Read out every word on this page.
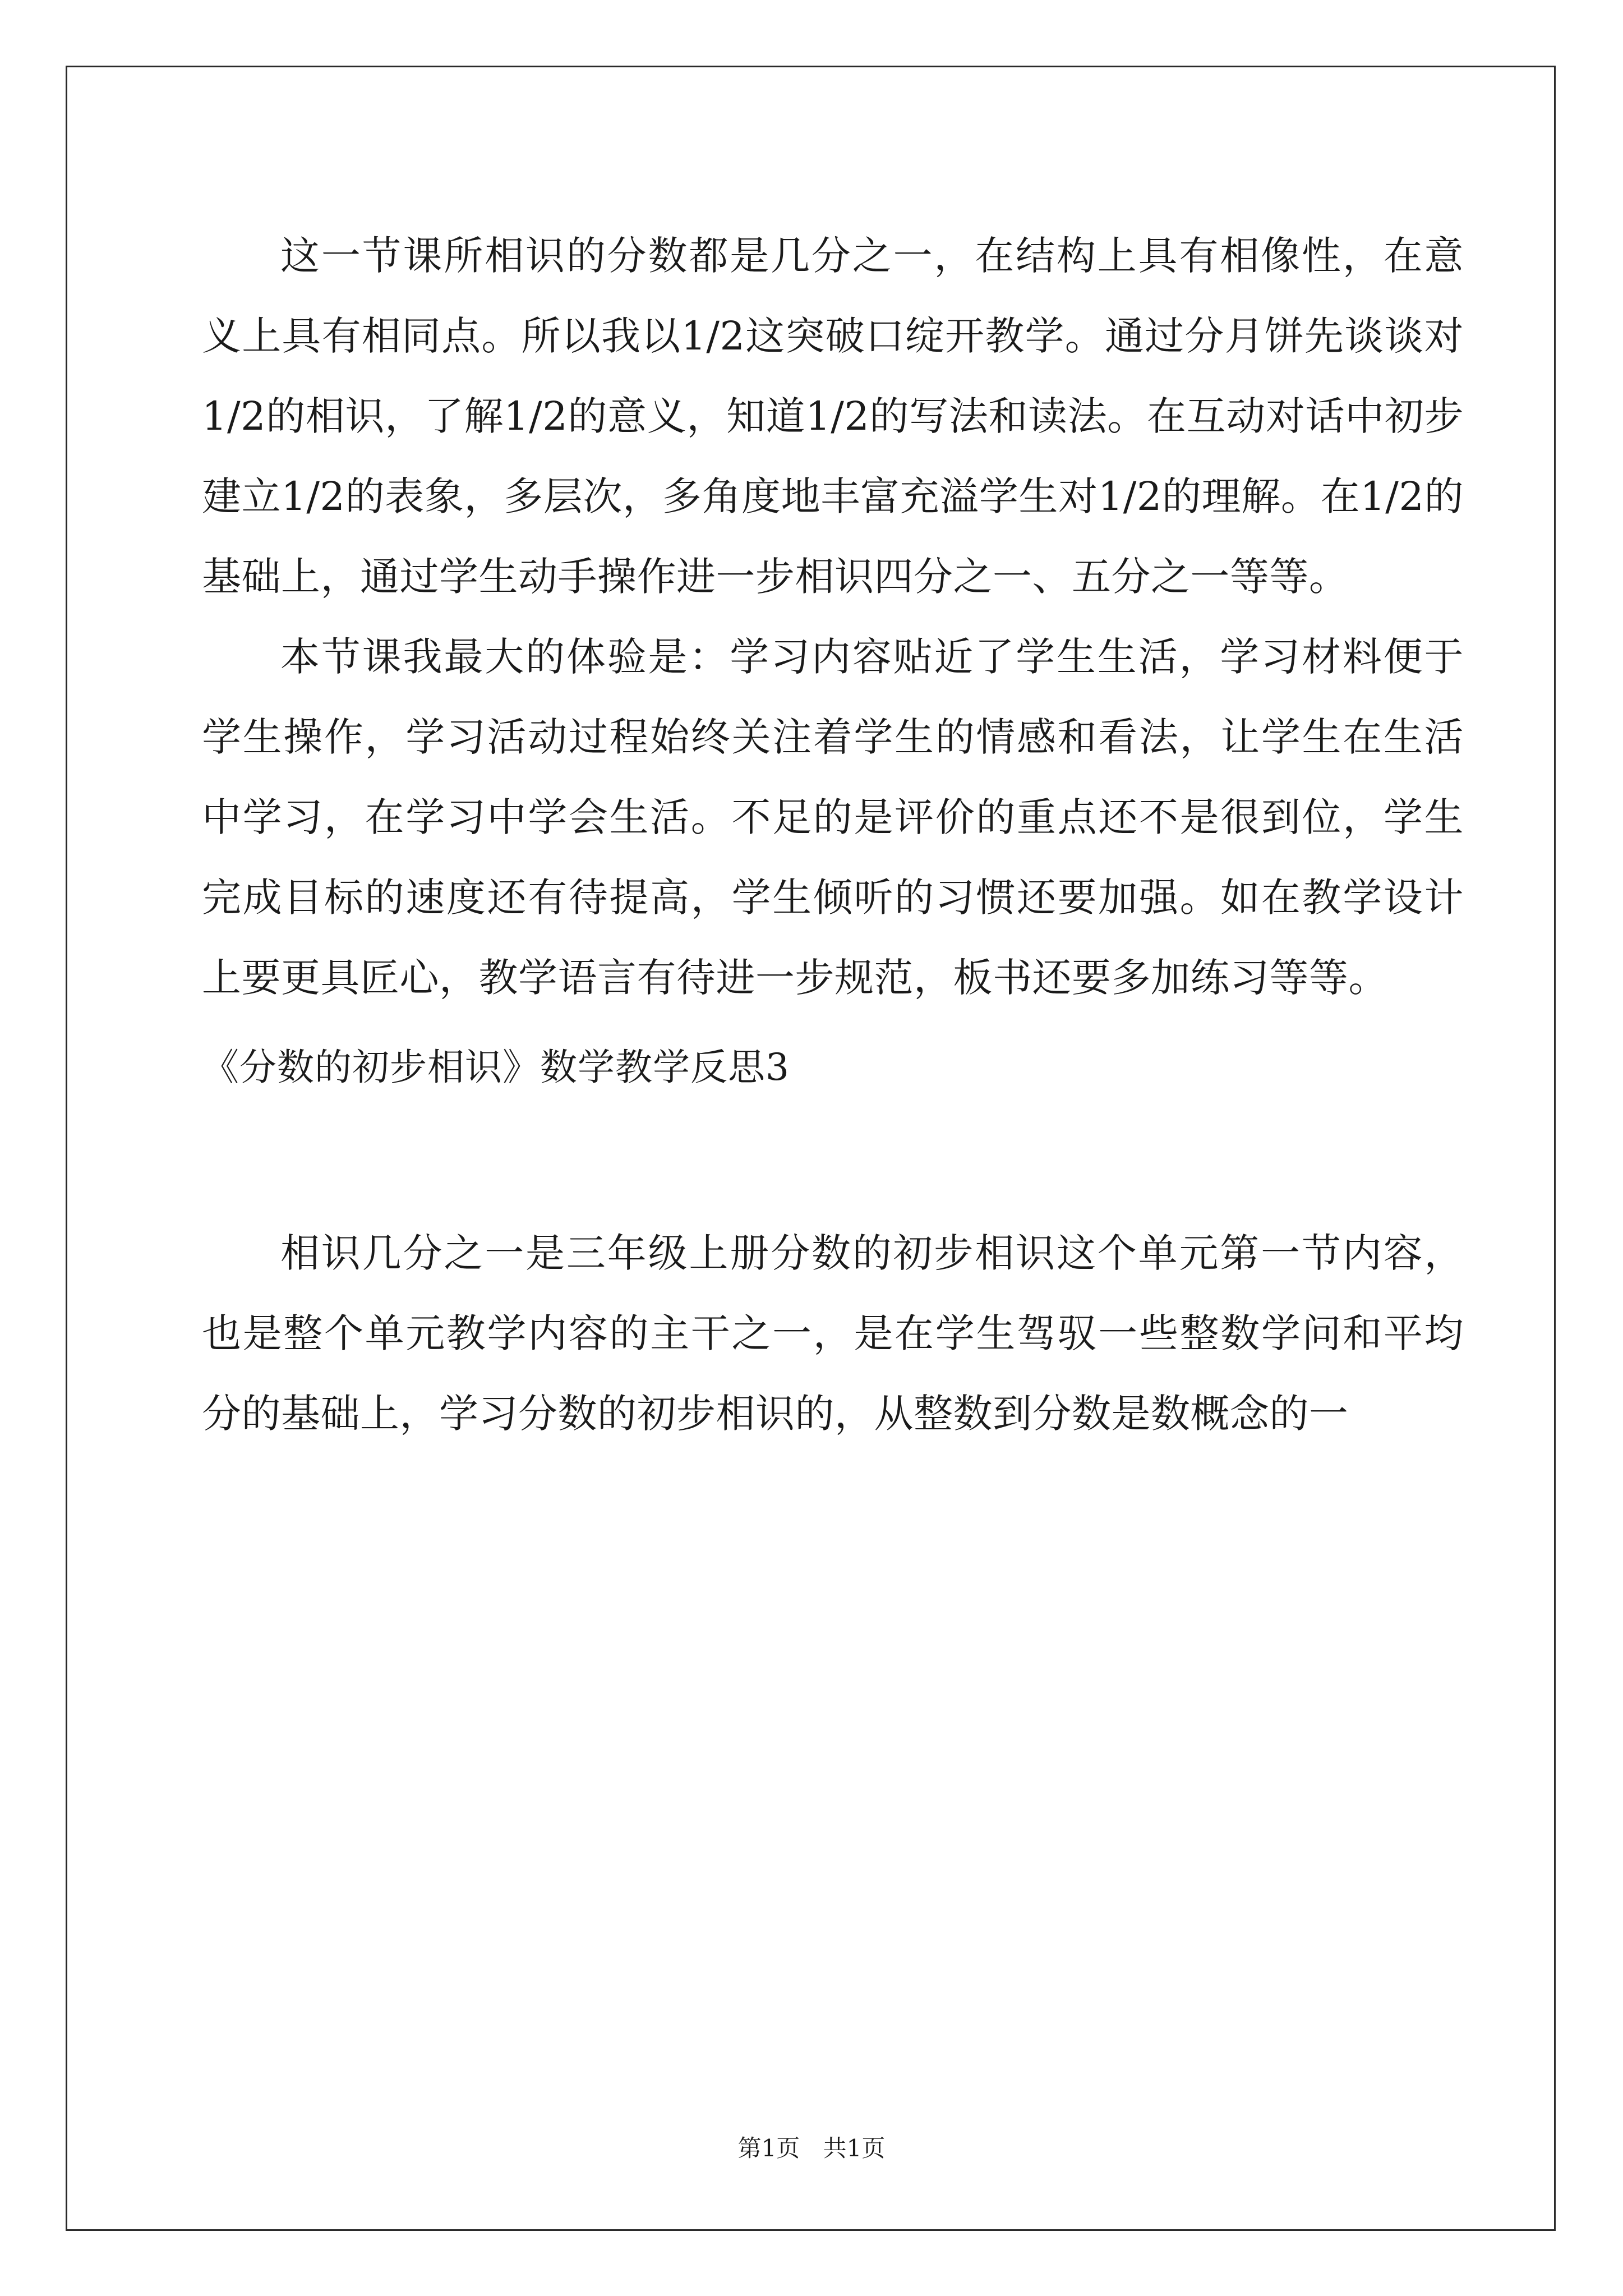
这一节课所相识的分数都是几分之一，在结构上具有相像性，在意义上具有相同点。所以我以1/2这突破口绽开教学。通过分月饼先谈谈对1/2的相识，了解1/2的意义，知道1/2的写法和读法。在互动对话中初步建立1/2的表象，多层次，多角度地丰富充溢学生对1/2的理解。在1/2的基础上，通过学生动手操作进一步相识四分之一、五分之一等等。

本节课我最大的体验是：学习内容贴近了学生生活，学习材料便于学生操作，学习活动过程始终关注着学生的情感和看法，让学生在生活中学习，在学习中学会生活。不足的是评价的重点还不是很到位，学生完成目标的速度还有待提高，学生倾听的习惯还要加强。如在教学设计上要更具匠心，教学语言有待进一步规范，板书还要多加练习等等。

《分数的初步相识》数学教学反思3

相识几分之一是三年级上册分数的初步相识这个单元第一节内容，也是整个单元教学内容的主干之一，是在学生驾驭一些整数学问和平均分的基础上，学习分数的初步相识的，从整数到分数是数概念的一

第1页 共1页
